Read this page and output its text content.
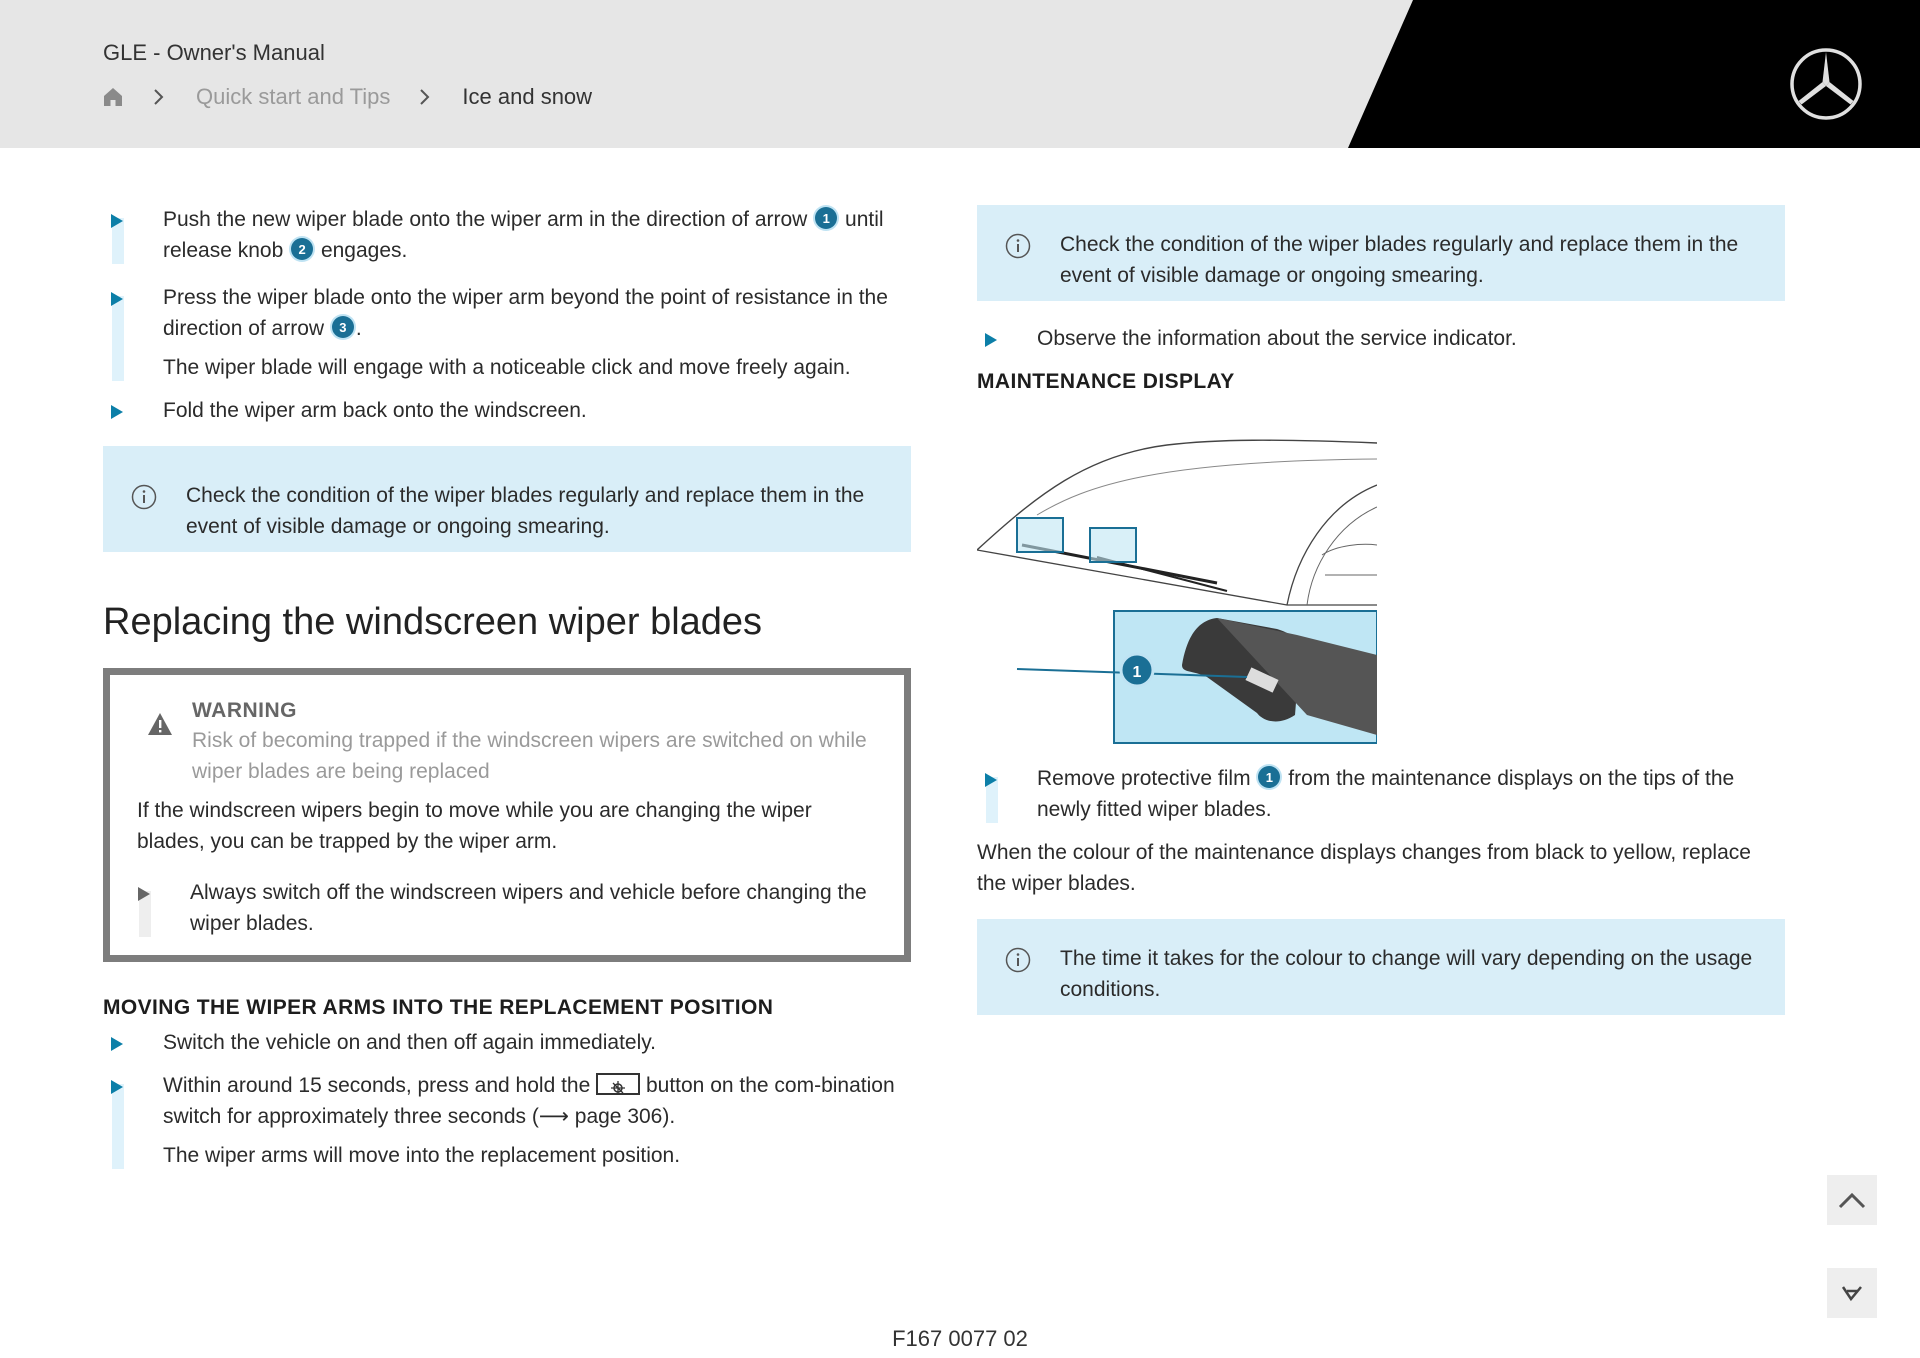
GLE - Owner's Manual
Quick start and Tips	Ice and snow

Push the new wiper blade onto the wiper arm in the direction of arrow 1 until release knob 2 engages.

Press the wiper blade onto the wiper arm beyond the point of resistance in the direction of arrow 3 .

The wiper blade will engage with a noticeable click and move freely again.

Fold the wiper arm back onto the windscreen.

Check the condition of the wiper blades regularly and replace them in the event of visible damage or ongoing smearing.

Replacing the windscreen wiper blades
WARNING
Risk of becoming trapped if the windscreen wipers are switched on while wiper blades are being replaced

If the windscreen wipers begin to move while you are changing the wiper blades, you can be trapped by the wiper arm.

Always switch off the windscreen wipers and vehicle before changing the wiper blades.

MOVING THE WIPER ARMS INTO THE REPLACEMENT POSITION

Switch the vehicle on and then off again immediately.

Within around 15 seconds, press and hold the	button on the com-bination switch for approximately three seconds (⟶ page 306).

The wiper arms will move into the replacement position.

Check the condition of the wiper blades regularly and replace them in the event of visible damage or ongoing smearing.

Observe the information about the service indicator.

MAINTENANCE DISPLAY
1

Remove protective film 1 from the maintenance displays on the tips of the newly fitted wiper blades.

When the colour of the maintenance displays changes from black to yellow, replace the wiper blades.

The time it takes for the colour to change will vary depending on the usage conditions.

F167 0077 02
